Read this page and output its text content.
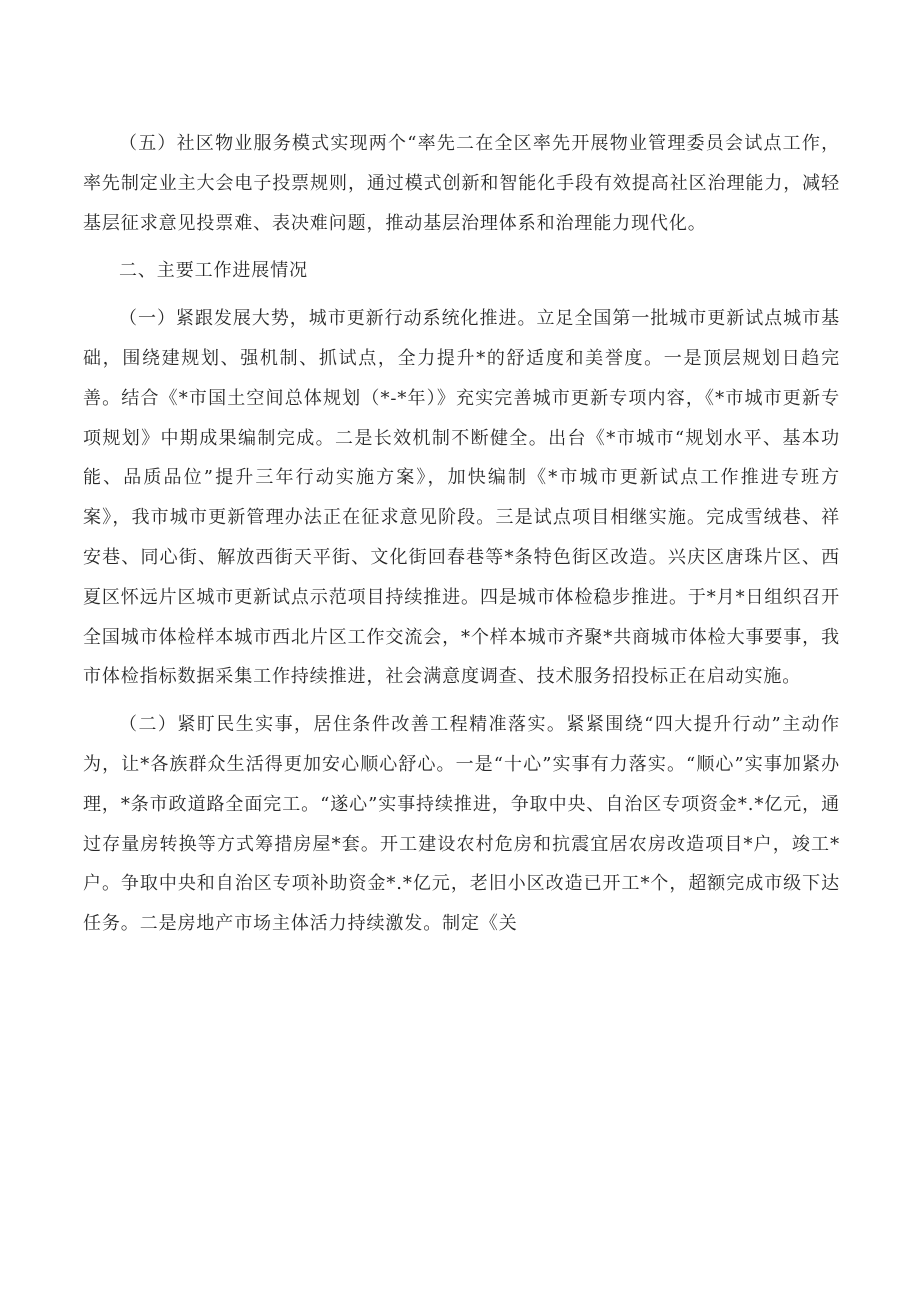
（五）社区物业服务模式实现两个“率先二在全区率先开展物业管理委员会试点工作，率先制定业主大会电子投票规则，通过模式创新和智能化手段有效提高社区治理能力，减轻基层征求意见投票难、表决难问题，推动基层治理体系和治理能力现代化。

二、主要工作进展情况

（一）紧跟发展大势，城市更新行动系统化推进。立足全国第一批城市更新试点城市基础，围绕建规划、强机制、抓试点，全力提升*的舒适度和美誉度。一是顶层规划日趋完善。结合《*市国土空间总体规划（*-*年）》充实完善城市更新专项内容，《*市城市更新专项规划》中期成果编制完成。二是长效机制不断健全。出台《*市城市“规划水平、基本功能、品质品位”提升三年行动实施方案》，加快编制《*市城市更新试点工作推进专班方案》，我市城市更新管理办法正在征求意见阶段。三是试点项目相继实施。完成雪绒巷、祥安巷、同心街、解放西街天平街、文化街回春巷等*条特色街区改造。兴庆区唐珠片区、西夏区怀远片区城市更新试点示范项目持续推进。四是城市体检稳步推进。于*月*日组织召开全国城市体检样本城市西北片区工作交流会，*个样本城市齐聚*共商城市体检大事要事，我市体检指标数据采集工作持续推进，社会满意度调查、技术服务招投标正在启动实施。

（二）紧盯民生实事，居住条件改善工程精准落实。紧紧围绕“四大提升行动”主动作为，让*各族群众生活得更加安心顺心舒心。一是“十心”实事有力落实。“顺心”实事加紧办理，*条市政道路全面完工。“遂心”实事持续推进，争取中央、自治区专项资金*.*亿元，通过存量房转换等方式筹措房屋*套。开工建设农村危房和抗震宜居农房改造项目*户，竣工*户。争取中央和自治区专项补助资金*.*亿元，老旧小区改造已开工*个，超额完成市级下达任务。二是房地产市场主体活力持续激发。制定《关
